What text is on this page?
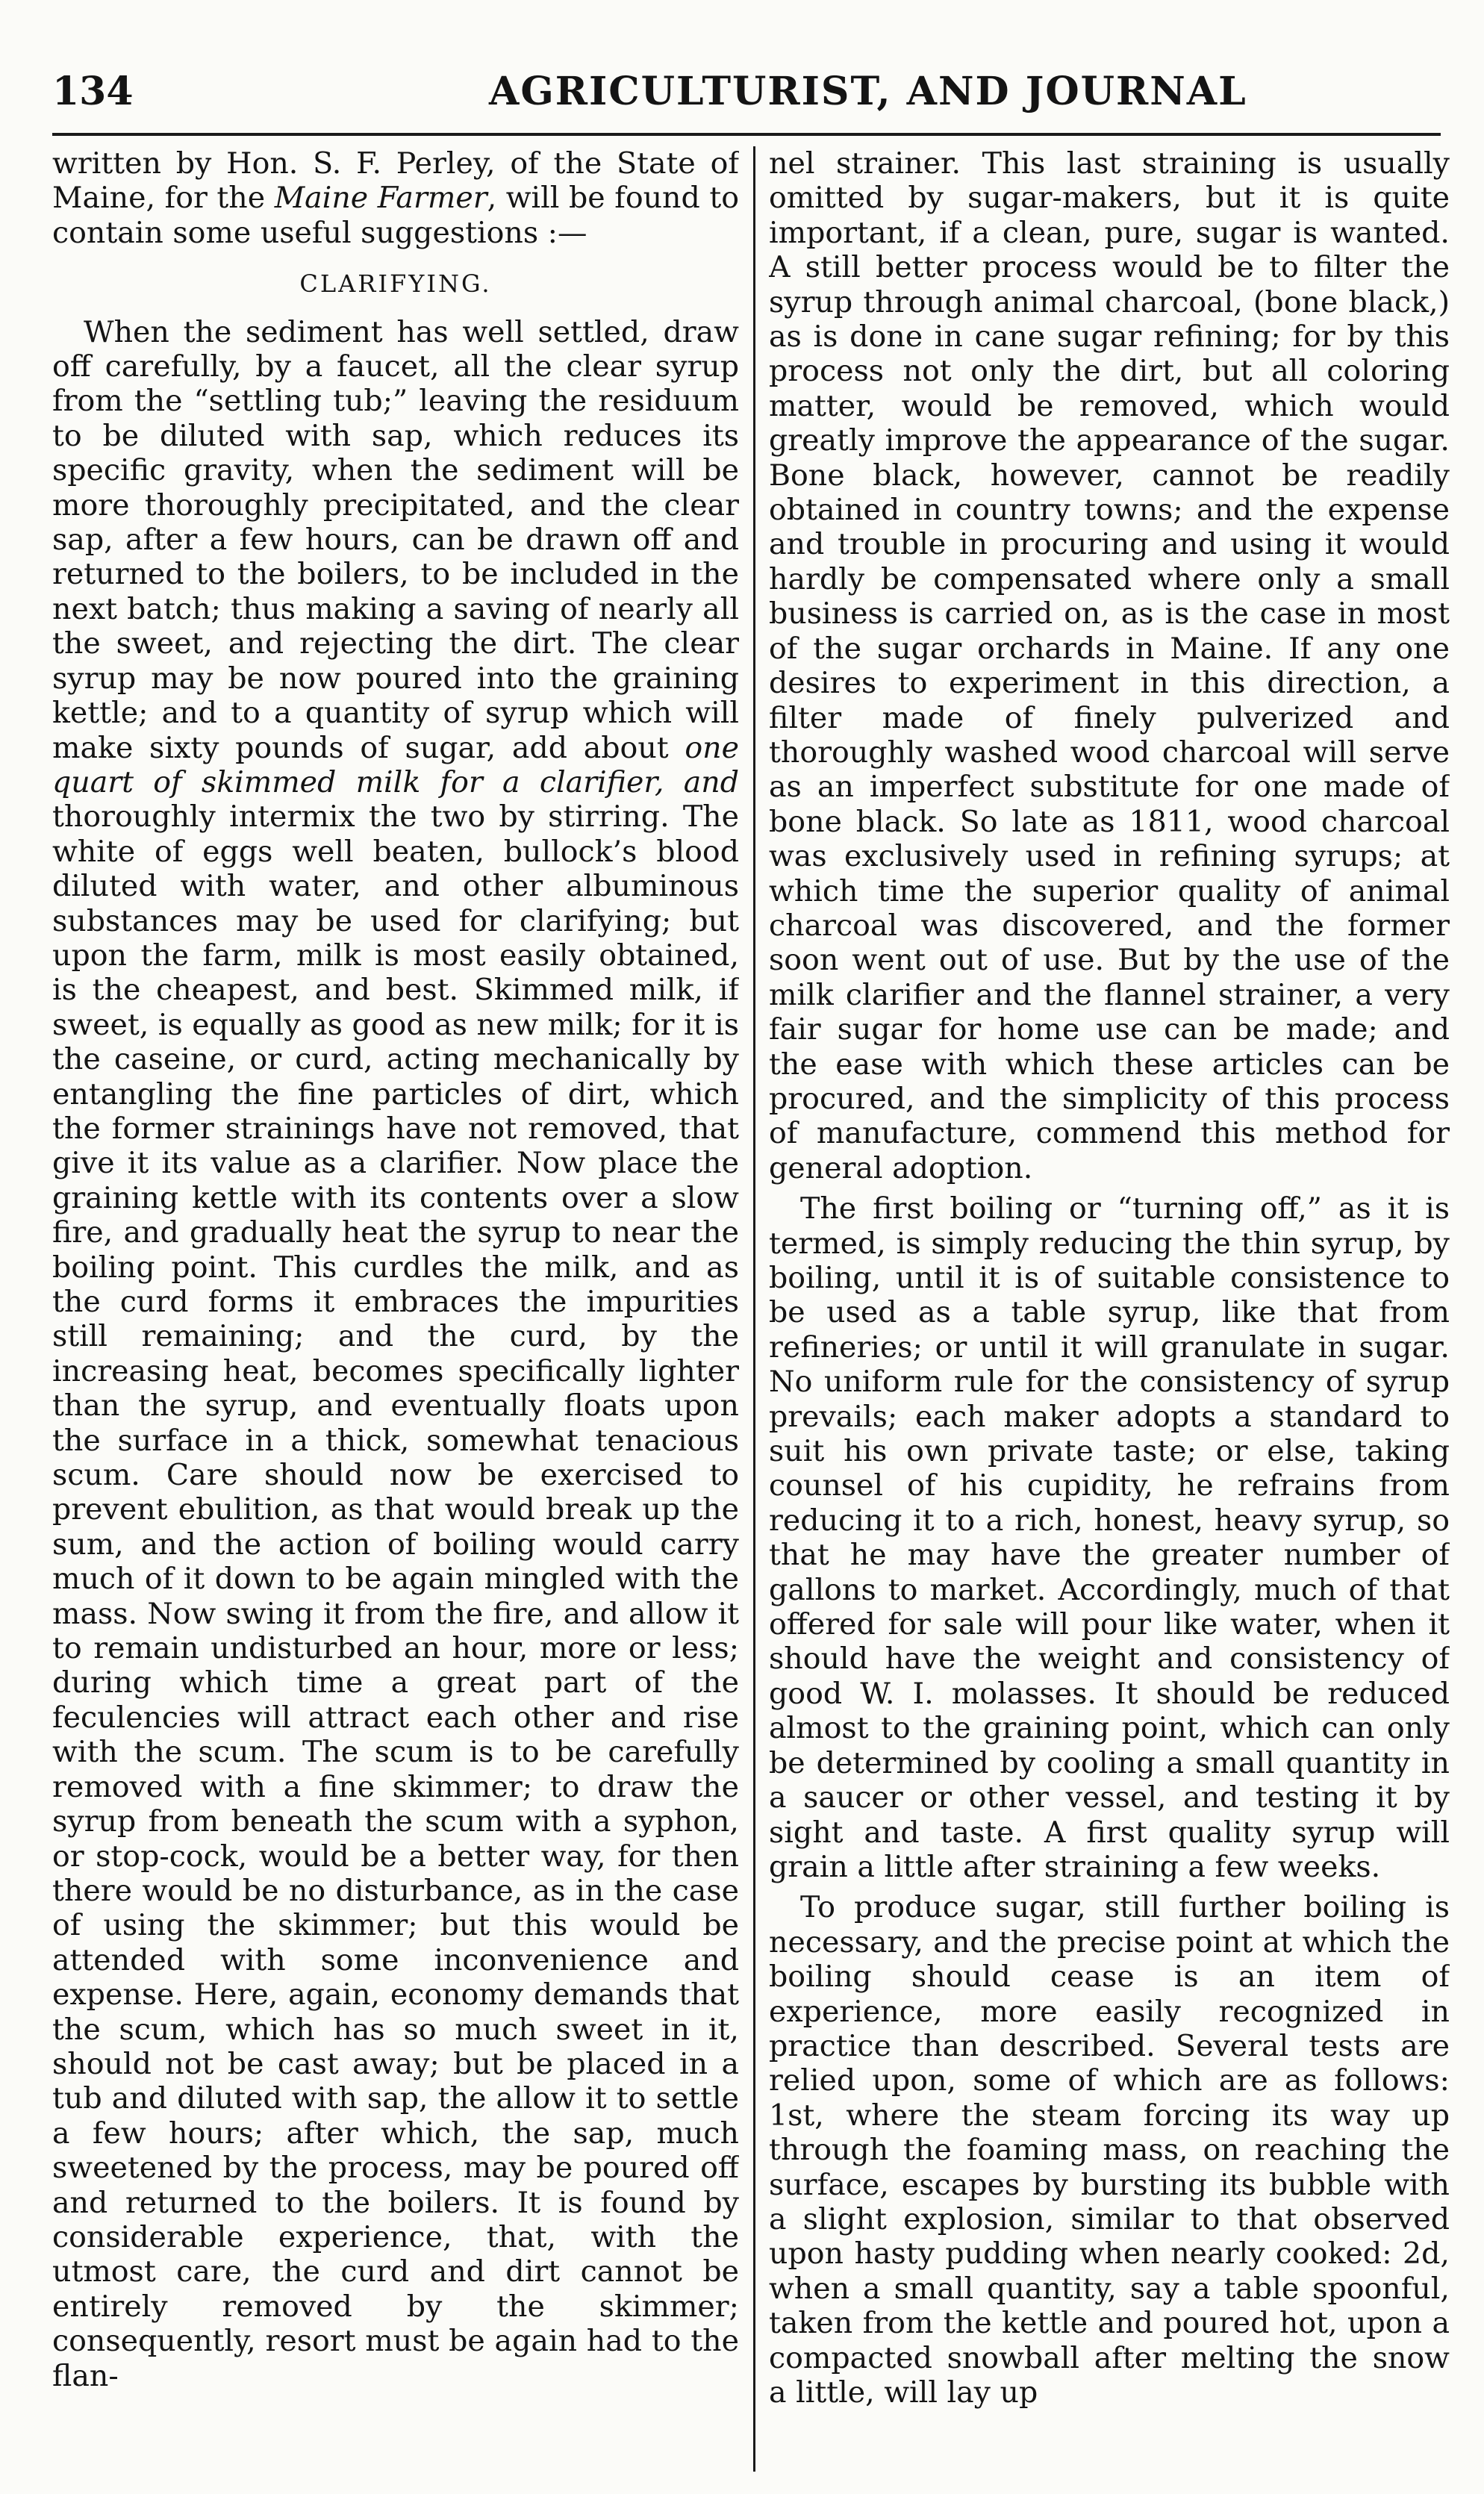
134	AGRICULTURIST, AND JOURNAL

written by Hon. S. F. Perley, of the State of Maine, for the Maine Farmer, will be found to contain some useful suggestions :—

CLARIFYING.

When the sediment has well settled, draw off carefully, by a faucet, all the clear syrup from the “settling tub;” leaving the residuum to be diluted with sap, which reduces its specific gravity, when the sediment will be more thoroughly precipitated, and the clear sap, after a few hours, can be drawn off and returned to the boilers, to be included in the next batch; thus making a saving of nearly all the sweet, and rejecting the dirt. The clear syrup may be now poured into the graining kettle; and to a quantity of syrup which will make sixty pounds of sugar, add about one quart of skimmed milk for a clarifier, and thoroughly intermix the two by stirring. The white of eggs well beaten, bullock’s blood diluted with water, and other albuminous substances may be used for clarifying; but upon the farm, milk is most easily obtained, is the cheapest, and best. Skimmed milk, if sweet, is equally as good as new milk; for it is the caseine, or curd, acting mechanically by entangling the fine particles of dirt, which the former strainings have not removed, that give it its value as a clarifier. Now place the graining kettle with its contents over a slow fire, and gradually heat the syrup to near the boiling point. This curdles the milk, and as the curd forms it embraces the impurities still remaining; and the curd, by the increasing heat, becomes specifically lighter than the syrup, and eventually floats upon the surface in a thick, somewhat tenacious scum. Care should now be exercised to prevent ebulition, as that would break up the sum, and the action of boiling would carry much of it down to be again mingled with the mass. Now swing it from the fire, and allow it to remain undisturbed an hour, more or less; during which time a great part of the feculencies will attract each other and rise with the scum. The scum is to be carefully removed with a fine skimmer; to draw the syrup from beneath the scum with a syphon, or stop-cock, would be a better way, for then there would be no disturbance, as in the case of using the skimmer; but this would be attended with some inconvenience and expense. Here, again, economy demands that the scum, which has so much sweet in it, should not be cast away; but be placed in a tub and diluted with sap, the allow it to settle a few hours; after which, the sap, much sweetened by the process, may be poured off and returned to the boilers. It is found by considerable experience, that, with the utmost care, the curd and dirt cannot be entirely removed by the skimmer; consequently, resort must be again had to the flan-

nel strainer. This last straining is usually omitted by sugar-makers, but it is quite important, if a clean, pure, sugar is wanted. A still better process would be to filter the syrup through animal charcoal, (bone black,) as is done in cane sugar refining; for by this process not only the dirt, but all coloring matter, would be removed, which would greatly improve the appearance of the sugar. Bone black, however, cannot be readily obtained in country towns; and the expense and trouble in procuring and using it would hardly be compensated where only a small business is carried on, as is the case in most of the sugar orchards in Maine. If any one desires to experiment in this direction, a filter made of finely pulverized and thoroughly washed wood charcoal will serve as an imperfect substitute for one made of bone black. So late as 1811, wood charcoal was exclusively used in refining syrups; at which time the superior quality of animal charcoal was discovered, and the former soon went out of use. But by the use of the milk clarifier and the flannel strainer, a very fair sugar for home use can be made; and the ease with which these articles can be procured, and the simplicity of this process of manufacture, commend this method for general adoption.

The first boiling or “turning off,” as it is termed, is simply reducing the thin syrup, by boiling, until it is of suitable consistence to be used as a table syrup, like that from refineries; or until it will granulate in sugar. No uniform rule for the consistency of syrup prevails; each maker adopts a standard to suit his own private taste; or else, taking counsel of his cupidity, he refrains from reducing it to a rich, honest, heavy syrup, so that he may have the greater number of gallons to market. Accordingly, much of that offered for sale will pour like water, when it should have the weight and consistency of good W. I. molasses. It should be reduced almost to the graining point, which can only be determined by cooling a small quantity in a saucer or other vessel, and testing it by sight and taste. A first quality syrup will grain a little after straining a few weeks.

To produce sugar, still further boiling is necessary, and the precise point at which the boiling should cease is an item of experience, more easily recognized in practice than described. Several tests are relied upon, some of which are as follows: 1st, where the steam forcing its way up through the foaming mass, on reaching the surface, escapes by bursting its bubble with a slight explosion, similar to that observed upon hasty pudding when nearly cooked: 2d, when a small quantity, say a table spoonful, taken from the kettle and poured hot, upon a compacted snowball after melting the snow a little, will lay up
